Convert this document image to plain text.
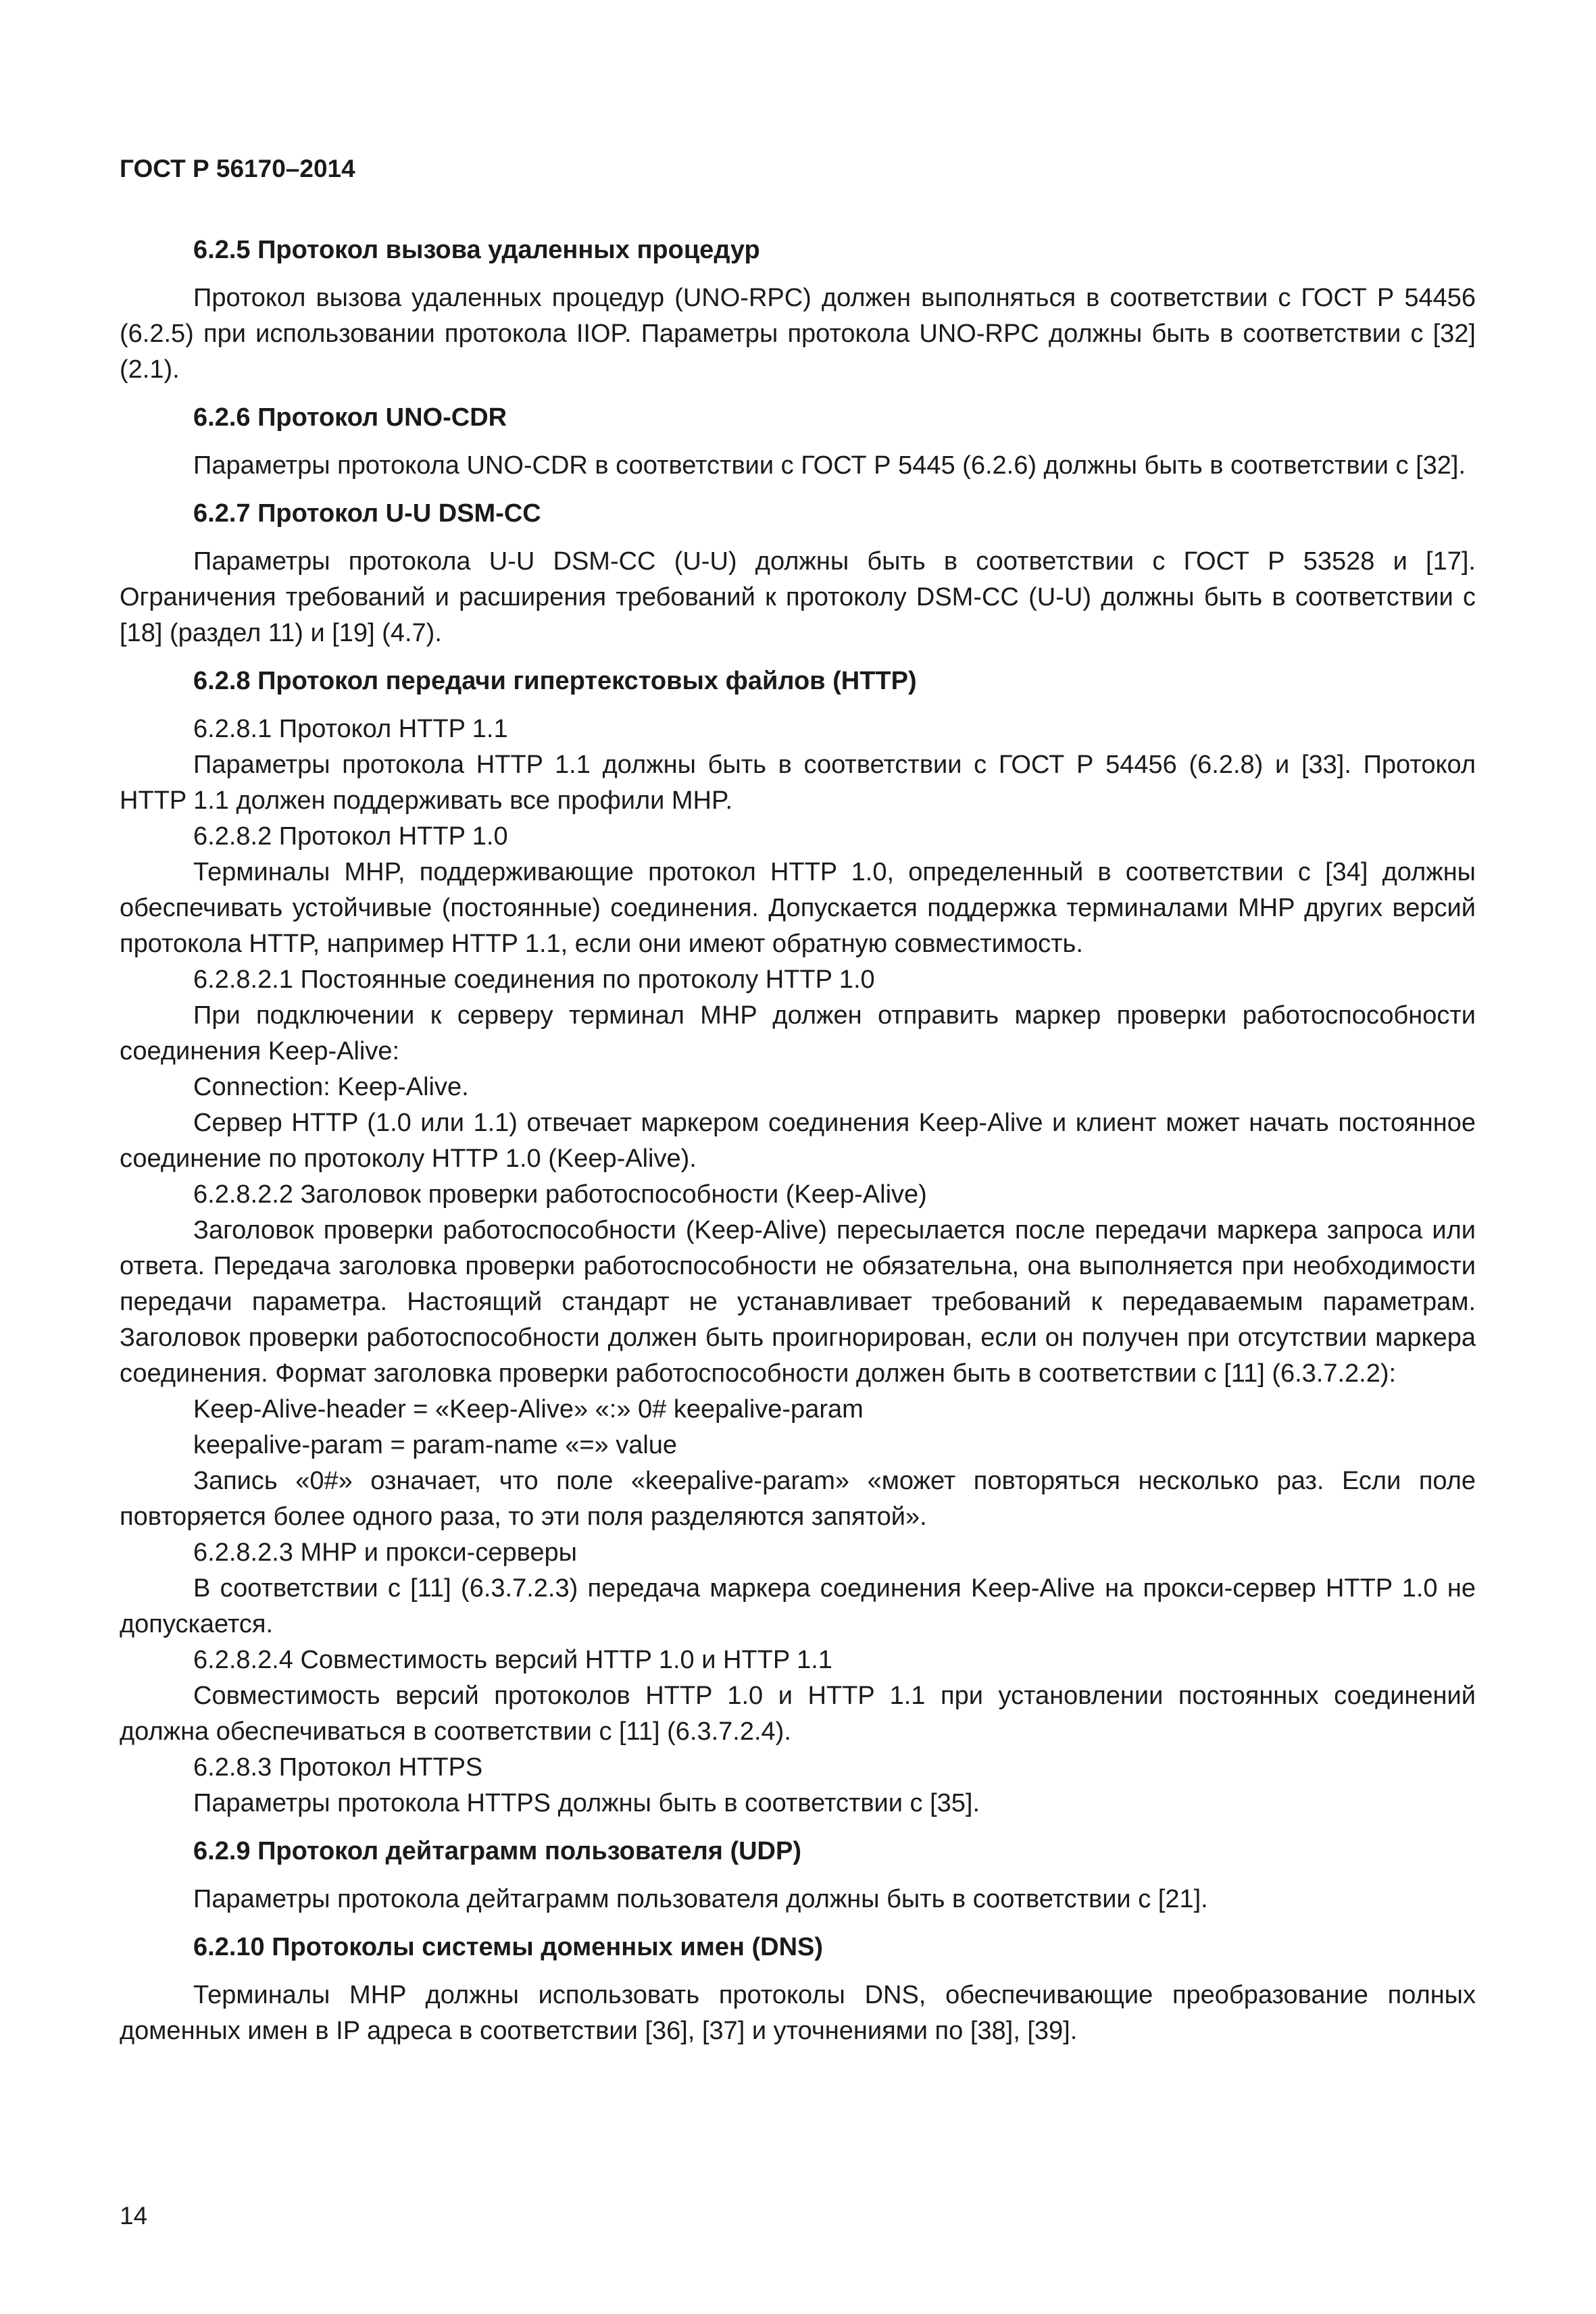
ГОСТ Р 56170–2014
6.2.5 Протокол вызова удаленных процедур

Протокол вызова удаленных процедур (UNO-RPC) должен выполняться в соответствии с ГОСТ Р 54456 (6.2.5) при использовании протокола IIOP. Параметры протокола UNO-RPC должны быть в соответствии с [32] (2.1).

6.2.6 Протокол UNO-CDR

Параметры протокола UNO-CDR в соответствии с ГОСТ Р 5445 (6.2.6) должны быть в соответствии с [32].

6.2.7 Протокол U-U DSM-CC

Параметры протокола U-U DSM-CC (U-U) должны быть в соответствии с ГОСТ Р 53528 и [17]. Ограничения требований и расширения требований к протоколу DSM-CC (U-U) должны быть в соответствии с [18] (раздел 11) и [19] (4.7).

6.2.8 Протокол передачи гипертекстовых файлов (HTTP)

6.2.8.1 Протокол HTTP 1.1

Параметры протокола HTTP 1.1 должны быть в соответствии с ГОСТ Р 54456 (6.2.8) и [33]. Протокол HTTP 1.1 должен поддерживать все профили MHP.

6.2.8.2 Протокол HTTP 1.0

Терминалы MHP, поддерживающие протокол HTTP 1.0, определенный в соответствии с [34] должны обеспечивать устойчивые (постоянные) соединения. Допускается поддержка терминалами MHP других версий протокола HTTP, например HTTP 1.1, если они имеют обратную совместимость.

6.2.8.2.1 Постоянные соединения по протоколу HTTP 1.0

При подключении к серверу терминал MHP должен отправить маркер проверки работоспособности соединения Keep-Alive:

Connection: Keep-Alive.

Сервер HTTP (1.0 или 1.1) отвечает маркером соединения Keep-Alive и клиент может начать постоянное соединение по протоколу HTTP 1.0 (Keep-Alive).

6.2.8.2.2 Заголовок проверки работоспособности (Keep-Alive)

Заголовок проверки работоспособности (Keep-Alive) пересылается после передачи маркера запроса или ответа. Передача заголовка проверки работоспособности не обязательна, она выполняется при необходимости передачи параметра. Настоящий стандарт не устанавливает требований к передаваемым параметрам. Заголовок проверки работоспособности должен быть проигнорирован, если он получен при отсутствии маркера соединения. Формат заголовка проверки работоспособности должен быть в соответствии с [11] (6.3.7.2.2):

Keep-Alive-header = «Keep-Alive» «:» 0# keepalive-param

keepalive-param = param-name «=» value

Запись «0#» означает, что поле «keepalive-param» «может повторяться несколько раз. Если поле повторяется более одного раза, то эти поля разделяются запятой».

6.2.8.2.3 MHP и прокси-серверы

В соответствии с [11] (6.3.7.2.3) передача маркера соединения Keep-Alive на прокси-сервер HTTP 1.0 не допускается.

6.2.8.2.4 Совместимость версий HTTP 1.0 и HTTP 1.1

Совместимость версий протоколов HTTP 1.0 и HTTP 1.1 при установлении постоянных соединений должна обеспечиваться в соответствии с [11] (6.3.7.2.4).

6.2.8.3 Протокол HTTPS

Параметры протокола HTTPS должны быть в соответствии с [35].

6.2.9 Протокол дейтаграмм пользователя (UDP)

Параметры протокола дейтаграмм пользователя должны быть в соответствии с [21].

6.2.10 Протоколы системы доменных имен (DNS)

Терминалы MHP должны использовать протоколы DNS, обеспечивающие преобразование полных доменных имен в IP адреса в соответствии [36], [37] и уточнениями по [38], [39].

14
